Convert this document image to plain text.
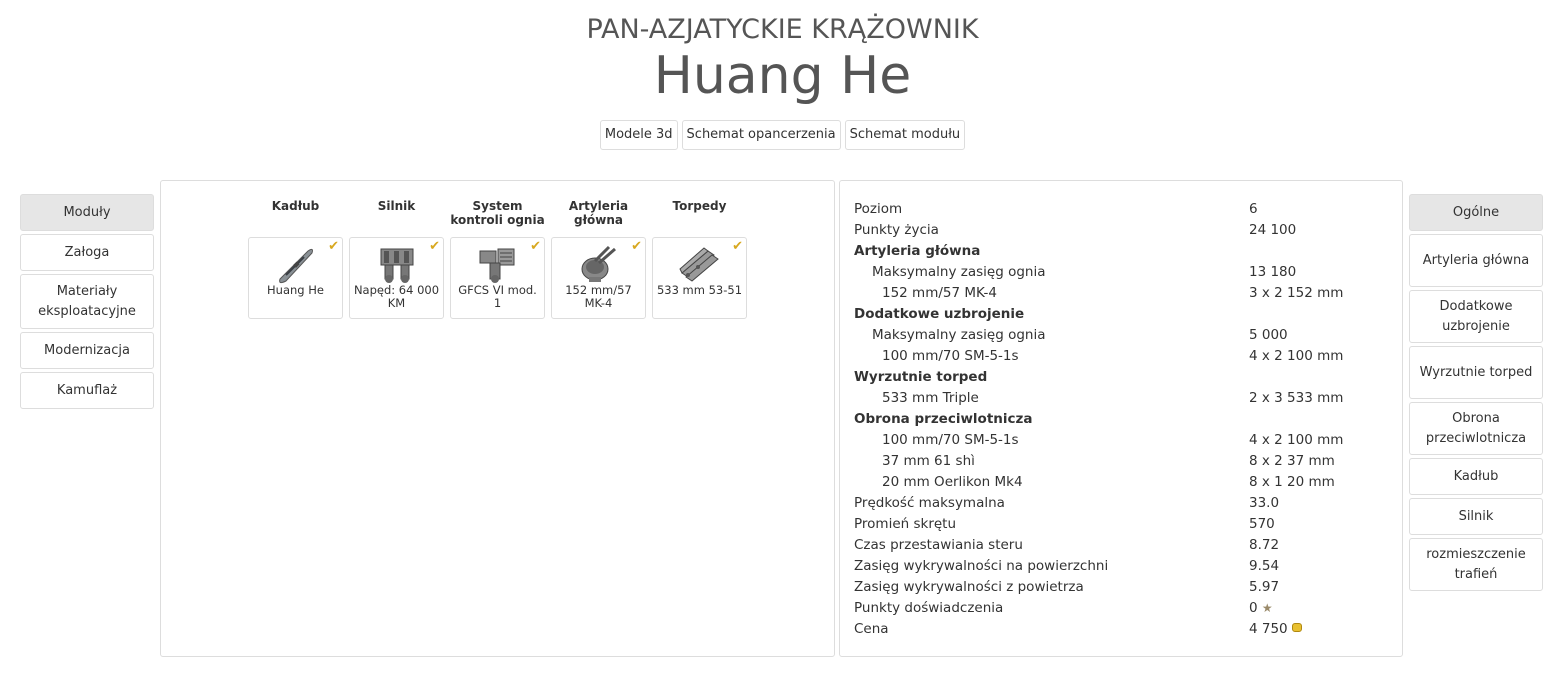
PAN-AZJATYCKIE KRĄŻOWNIK
Huang He
Modele 3d	Schemat opancerzenia	Schemat modułu
Moduły
Załoga
Materiały eksploatacyjne
Modernizacja
Kamuflaż
Kadłub
✔
Huang He
Silnik
✔
Napęd: 64 000 KM
System kontroli ognia
✔
GFCS VI mod. 1
Artyleria główna
✔
152 mm/57 MK-4
Torpedy
✔
533 mm 53-51
Poziom	6
Punkty życia	24 100
Artyleria główna
Maksymalny zasięg ognia	13 180
152 mm/57 MK-4	3 x 2 152 mm
Dodatkowe uzbrojenie
Maksymalny zasięg ognia	5 000
100 mm/70 SM-5-1s	4 x 2 100 mm
Wyrzutnie torped
533 mm Triple	2 x 3 533 mm
Obrona przeciwlotnicza
100 mm/70 SM-5-1s	4 x 2 100 mm
37 mm 61 shì	8 x 2 37 mm
20 mm Oerlikon Mk4	8 x 1 20 mm
Prędkość maksymalna	33.0
Promień skrętu	570
Czas przestawiania steru	8.72
Zasięg wykrywalności na powierzchni	9.54
Zasięg wykrywalności z powietrza	5.97
Punkty doświadczenia	0 ★
Cena	4 750
Ogólne
Artyleria główna
Dodatkowe uzbrojenie
Wyrzutnie torped
Obrona przeciwlotnicza
Kadłub
Silnik
rozmieszczenie trafień
